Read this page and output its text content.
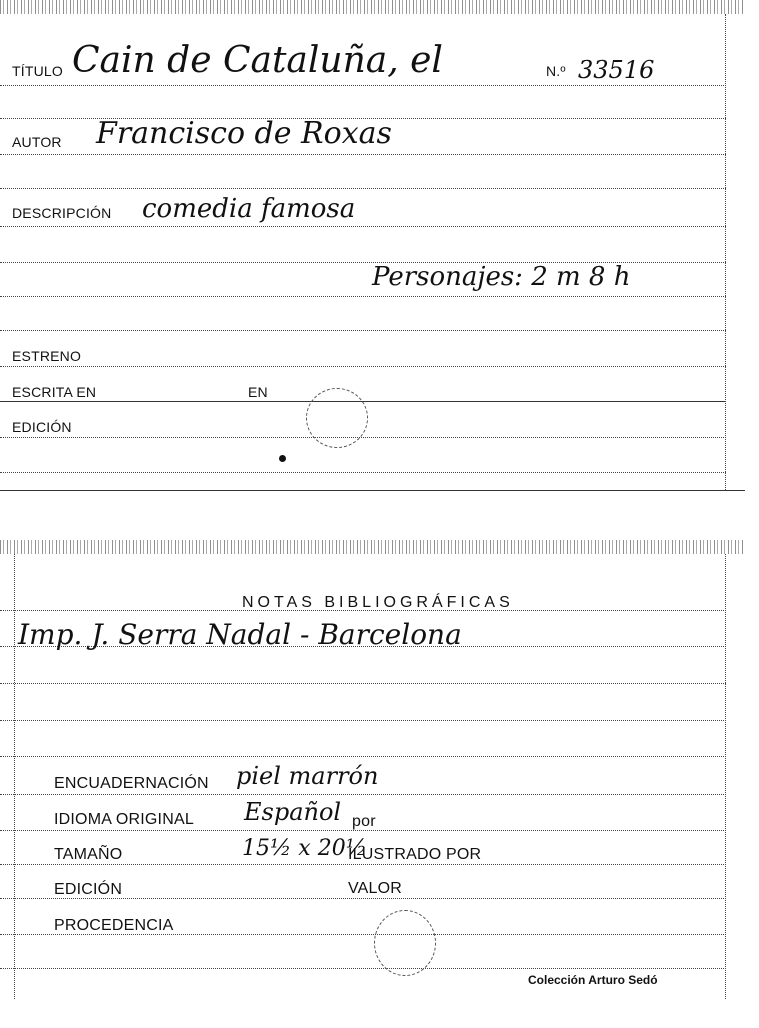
TÍTULO Cain de Cataluña, el	N.º 33516
AUTOR Francisco de Roxas
DESCRIPCIÓN comedia famosa
Personajes: 2 m 8 h
ESTRENO
ESCRITA EN	EN
EDICIÓN
NOTAS BIBLIOGRÁFICAS
Imp. J. Serra Nadal - Barcelona
ENCUADERNACIÓN piel marrón
IDIOMA ORIGINAL Español por
TAMAÑO	15½ x 20½
ILUSTRADO POR
EDICIÓN	VALOR
PROCEDENCIA
Colección Arturo Sedó
